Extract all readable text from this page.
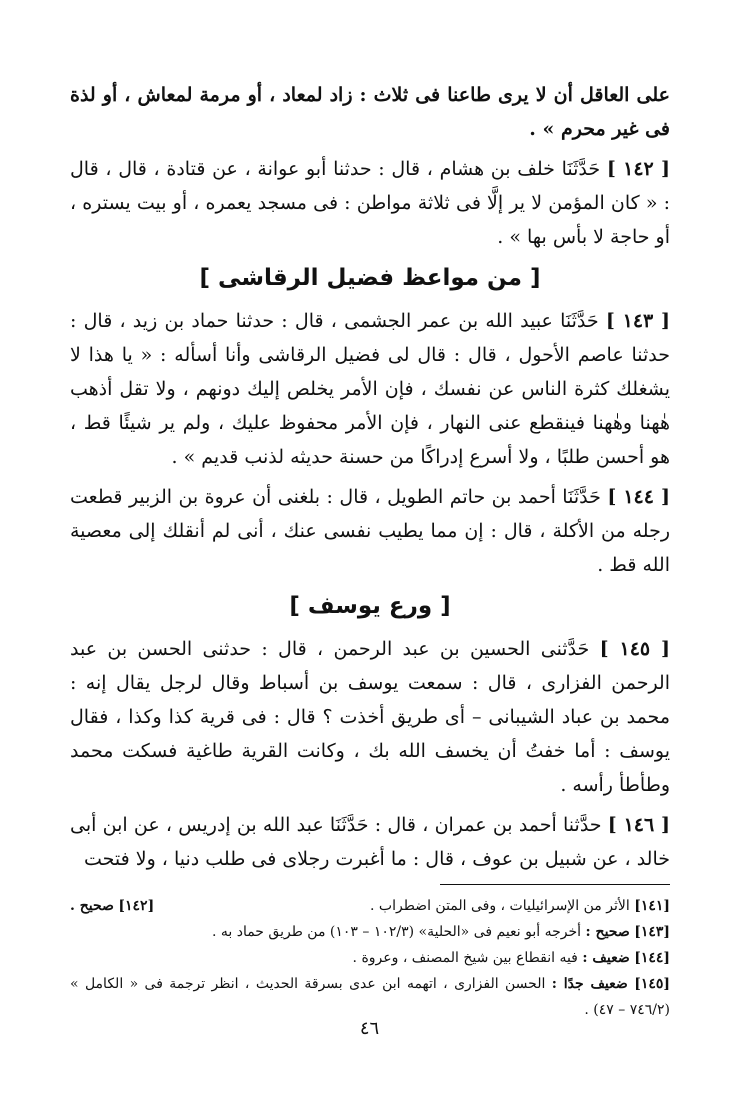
على العاقل أن لا يرى طاعنا فى ثلاث : زاد لمعاد ، أو مرمة لمعاش ، أو لذة فى غير محرم » .

[ ١٤٢ ] حَدَّثَنَا خلف بن هشام ، قال : حدثنا أبو عوانة ، عن قتادة ، قال ، قال : « كان المؤمن لا ير إلَّا فى ثلاثة مواطن : فى مسجد يعمره ، أو بيت يستره ، أو حاجة لا بأس بها » .

[ من مواعظ فضيل الرقاشى ]

[ ١٤٣ ] حَدَّثَنَا عبيد الله بن عمر الجشمى ، قال : حدثنا حماد بن زيد ، قال : حدثنا عاصم الأحول ، قال : قال لى فضيل الرقاشى وأنا أسأله : « يا هذا لا يشغلك كثرة الناس عن نفسك ، فإن الأمر يخلص إليك دونهم ، ولا تقل أذهب هٰهنا وهٰهنا فينقطع عنى النهار ، فإن الأمر محفوظ عليك ، ولم ير شيئًا قط ، هو أحسن طلبًا ، ولا أسرع إدراكًا من حسنة حديثه لذنب قديم » .

[ ١٤٤ ] حَدَّثَنَا أحمد بن حاتم الطويل ، قال : بلغنى أن عروة بن الزبير قطعت رجله من الأكلة ، قال : إن مما يطيب نفسى عنك ، أنى لم أنقلك إلى معصية الله قط .

[ ورع يوسف ]

[ ١٤٥ ] حَدَّثنى الحسين بن عبد الرحمن ، قال : حدثنى الحسن بن عبد الرحمن الفزارى ، قال : سمعت يوسف بن أسباط وقال لرجل يقال إنه : محمد بن عباد الشيبانى – أى طريق أخذت ؟ قال : فى قرية كذا وكذا ، فقال يوسف : أما خفتُ أن يخسف الله بك ، وكانت القرية طاغية فسكت محمد وطأطأ رأسه .

[ ١٤٦ ] حدَّثنا أحمد بن عمران ، قال : حَدَّثَنَا عبد الله بن إدريس ، عن ابن أبى خالد ، عن شبيل بن عوف ، قال : ما أغبرت رجلاى فى طلب دنيا ، ولا فتحت

[١٤١] الأثر من الإسرائيليات ، وفى المتن اضطراب .
[١٤٢] صحيح .
[١٤٣] صحيح : أخرجه أبو نعيم فى «الحلية» (١٠٢/٣ – ١٠٣) من طريق حماد به .
[١٤٤] ضعيف : فيه انقطاع بين شيخ المصنف ، وعروة .
[١٤٥] ضعيف جدًا : الحسن الفزارى ، اتهمه ابن عدى بسرقة الحديث ، انظر ترجمة فى « الكامل » (٧٤٦/٢ – ٤٧) .
٤٦
